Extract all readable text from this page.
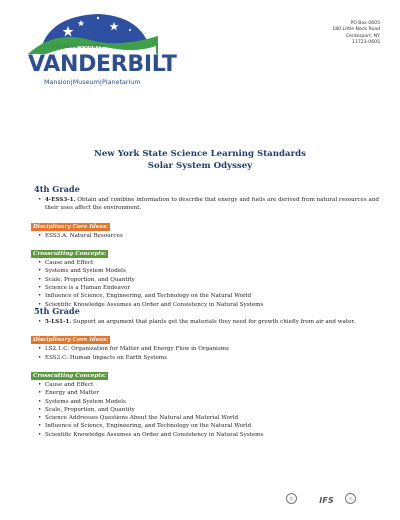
SUFFOLK COUNTY
VANDERBILT
Mansion|Museum|Planetarium
PO Box 0605
180 Little Neck Road
Centerport, NY
11721-0605
New York State Science Learning Standards
Solar System Odyssey
4th Grade
• 4-ESS3-1. Obtain and combine information to describe that energy and fuels are derived from natural resources and their uses affect the environment.
Disciplinary Core Ideas:
• ESS3.A: Natural Resources
Crosscutting Concepts:
• Cause and Effect
• Systems and System Models
• Scale, Proportion, and Quantity
• Science is a Human Endeavor
• Influence of Science, Engineering, and Technology on the Natural World
• Scientific Knowledge Assumes an Order and Consistency in Natural Systems
5th Grade
• 5-LS1-1. Support an argument that plants get the materials they need for growth chiefly from air and water.
Disciplinary Core Ideas:
• LS2.1.C: Organization for Matter and Energy Flow in Organisms
• ESS3.C: Human Impacts on Earth Systems
Crosscutting Concepts:
• Cause and Effect
• Energy and Matter
• Systems and System Models
• Scale, Proportion, and Quantity
• Science Addresses Questions About the Natural and Material World
• Influence of Science, Engineering, and Technology on the Natural World
• Scientific Knowledge Assumes an Order and Consistency in Natural Systems
IFS
